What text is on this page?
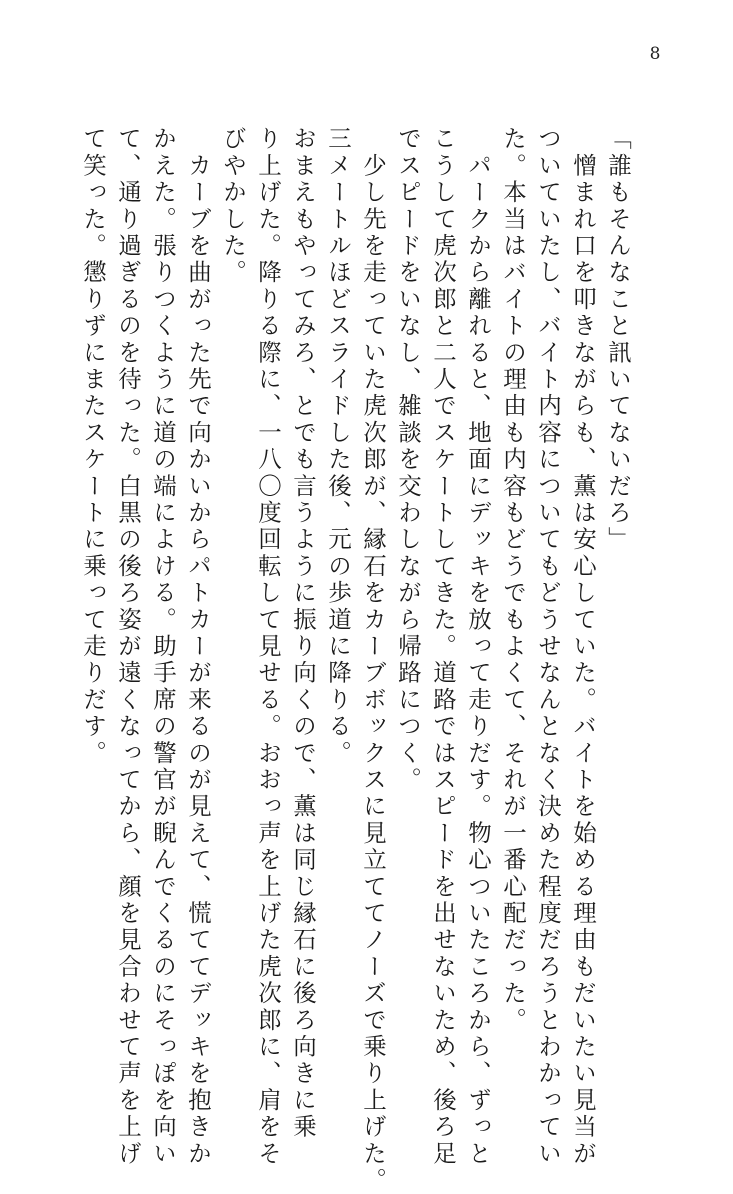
8
「誰もそんなこと訊いてないだろ」
　憎まれ口を叩きながらも、薫は安心していた。バイトを始める理由もだいたい見当が
ついていたし、バイト内容についてもどうせなんとなく決めた程度だろうとわかってい
た。本当はバイトの理由も内容もどうでもよくて、それが一番心配だった。
　パークから離れると、地面にデッキを放って走りだす。物心ついたころから、ずっと
こうして虎次郎と二人でスケートしてきた。道路ではスピードを出せないため、後ろ足
でスピードをいなし、雑談を交わしながら帰路につく。
　少し先を走っていた虎次郎が、縁石をカーブボックスに見立ててノーズで乗り上げた。
三メートルほどスライドした後、元の歩道に降りる。
おまえもやってみろ、とでも言うように振り向くので、薫は同じ縁石に後ろ向きに乗
り上げた。降りる際に、一八〇度回転して見せる。おおっ声を上げた虎次郎に、肩をそ
びやかした。
　カーブを曲がった先で向かいからパトカーが来るのが見えて、慌ててデッキを抱きか
かえた。張りつくように道の端によける。助手席の警官が睨んでくるのにそっぽを向い
て、通り過ぎるのを待った。白黒の後ろ姿が遠くなってから、顔を見合わせて声を上げ
て笑った。懲りずにまたスケートに乗って走りだす。
